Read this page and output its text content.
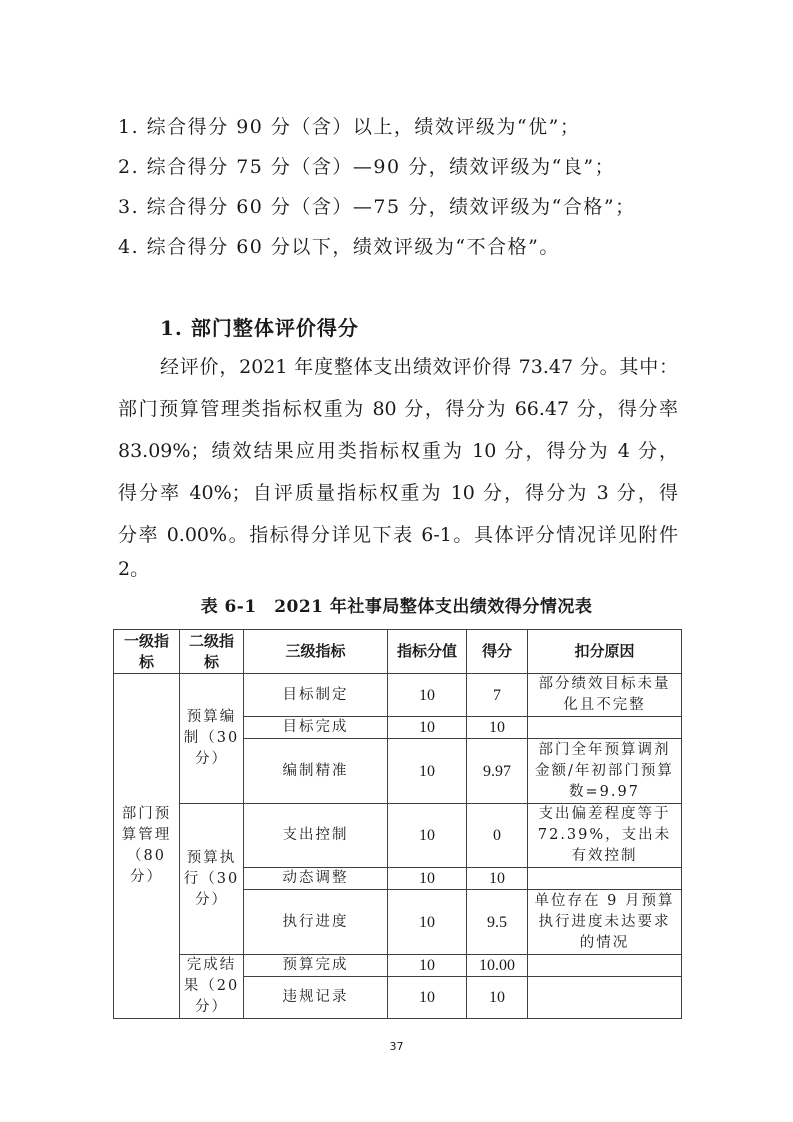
1. 综合得分 90 分（含）以上，绩效评级为“优”；
2. 综合得分 75 分（含）—90 分，绩效评级为“良”；
3. 综合得分 60 分（含）—75 分，绩效评级为“合格”；
4. 综合得分 60 分以下，绩效评级为“不合格”。
1. 部门整体评价得分
经评价，2021 年度整体支出绩效评价得 73.47 分。其中：
部门预算管理类指标权重为 80 分，得分为 66.47 分，得分率
83.09%；绩效结果应用类指标权重为 10 分，得分为 4 分，
得分率 40%；自评质量指标权重为 10 分，得分为 3 分，得
分率 0.00%。指标得分详见下表 6-1。具体评分情况详见附件
2。
表 6-1　2021 年社事局整体支出绩效得分情况表
一级指标	二级指标	三级指标	指标分值	得分	扣分原因
部门预算管理（80分）	预算编制（30分）	目标制定	10	7	部分绩效目标未量化且不完整
		目标完成	10	10	
		编制精准	10	9.97	部门全年预算调剂金额/年初部门预算数=9.97
	预算执行（30分）	支出控制	10	0	支出偏差程度等于72.39%，支出未有效控制
		动态调整	10	10	
		执行进度	10	9.5	单位存在 9 月预算执行进度未达要求的情况
	完成结果（20分）	预算完成	10	10.00	
		违规记录	10	10	
37
